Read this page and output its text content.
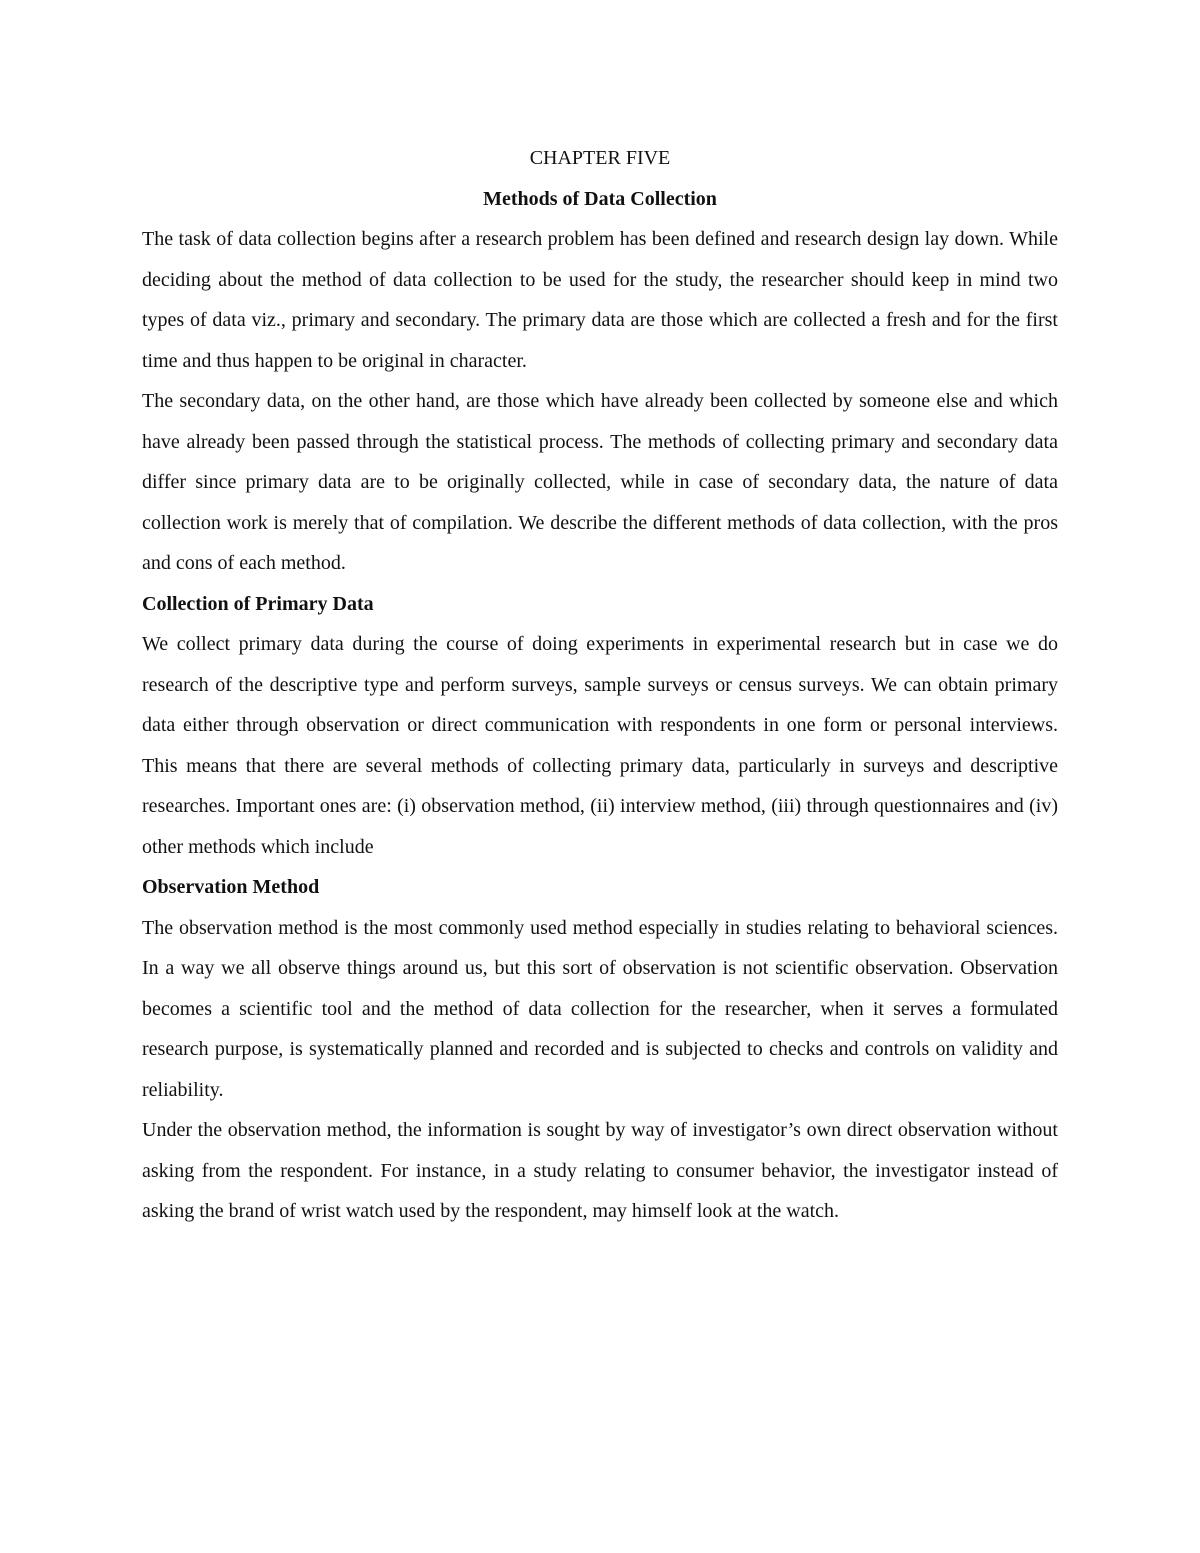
CHAPTER FIVE
Methods of Data Collection

The task of data collection begins after a research problem has been defined and research design lay down. While deciding about the method of data collection to be used for the study, the researcher should keep in mind two types of data viz., primary and secondary. The primary data are those which are collected a fresh and for the first time and thus happen to be original in character.

The secondary data, on the other hand, are those which have already been collected by someone else and which have already been passed through the statistical process. The methods of collecting primary and secondary data differ since primary data are to be originally collected, while in case of secondary data, the nature of data collection work is merely that of compilation. We describe the different methods of data collection, with the pros and cons of each method.

Collection of Primary Data

We collect primary data during the course of doing experiments in experimental research but in case we do research of the descriptive type and perform surveys, sample surveys or census surveys. We can obtain primary data either through observation or direct communication with respondents in one form or personal interviews. This means that there are several methods of collecting primary data, particularly in surveys and descriptive researches. Important ones are: (i) observation method, (ii) interview method, (iii) through questionnaires and (iv) other methods which include

Observation Method

The observation method is the most commonly used method especially in studies relating to behavioral sciences. In a way we all observe things around us, but this sort of observation is not scientific observation. Observation becomes a scientific tool and the method of data collection for the researcher, when it serves a formulated research purpose, is systematically planned and recorded and is subjected to checks and controls on validity and reliability.

Under the observation method, the information is sought by way of investigator’s own direct observation without asking from the respondent. For instance, in a study relating to consumer behavior, the investigator instead of asking the brand of wrist watch used by the respondent, may himself look at the watch.
